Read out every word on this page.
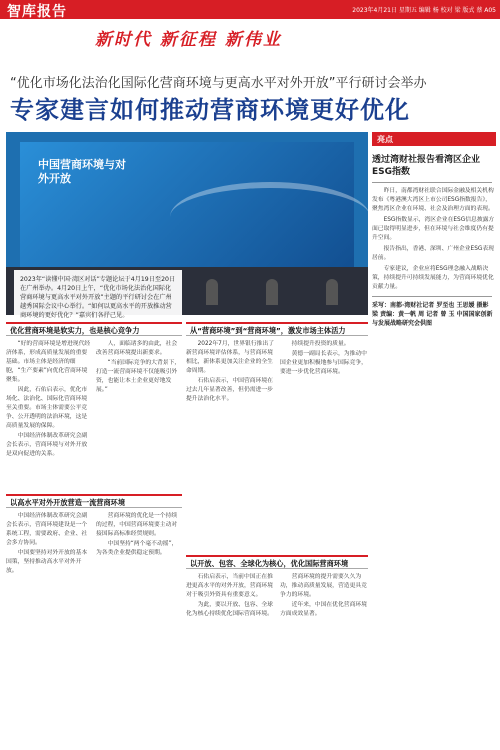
智库报告	2023年4月21日 星期五 编辑 杨 校对 梁 版式 蔡 A05
新时代 新征程 新伟业
“优化市场化法治化国际化营商环境与更高水平对外开放”平行研讨会举办
专家建言如何推动营商环境更好优化
中国营商环境与对外开放
2023年“读懂中国·湾区对话”专题论坛于4月19日至20日在广州举办。4月20日上午，“优化市场化法治化国际化营商环境与更高水平对外开放”主题的平行研讨会在广州越秀国际会议中心举行。“如何以更高水平的开放推动营商环境的更好优化？”嘉宾们各抒己见。
南都湾财社在“读懂中国”专题论坛发布湾区企业ESG指数报告。
亮点
透过湾财社报告看湾区企业ESG指数

昨日，南都湾财社联合国际金融及相关机构发布《粤港澳大湾区上市公司ESG指数报告》，聚焦湾区企业在环境、社会及治理方面的表现。

ESG指数显示，湾区企业在ESG信息披露方面已取得明显进步，但在环境与社会维度仍有提升空间。

报告指出，香港、深圳、广州企业ESG表现居前。

专家建议，企业应将ESG理念融入战略决策，持续提升可持续发展能力，为营商环境优化贡献力量。

采写：南都·湾财社记者 罗至也 王思媛 摄影 梁 责编：黄一帆 周 记者 曾 玉 中国国家创新与发展战略研究会供图

优化营商环境是软实力，也是核心竞争力	从“营商环境”到“营商环境”，激发市场主体活力
以高水平对外开放营造一流营商环境
以开放、包容、全球化为核心，优化国际营商环境

“好的营商环境是增进现代经济体系，形成高质量发展的重要基础。市场主体是经济的细胞，“生产要素”向优化营商环境聚集。

因此，石佑启表示，优化市场化、法治化、国际化营商环境至关重要。市场主体需要公平竞争、公开透明的法治环境，这是高质量发展的保障。

中国经济体制改革研究会副会长表示，营商环境与对外开放是双向促进的关系。

人，面临诸多的由此，社会改善营商环境提出新要求。

“当前国际竞争的大背景下，打造一流营商环境不仅能吸引外资，也能让本土企业更好地发展。”

2022年7月，世界银行推出了新营商环境评估体系，与营商环境相比，新体系更加关注企业的全生命周期。

石佑启表示，中国营商环境在过去几年显著改善，但仍需进一步提升法治化水平。

持续提升投资的质量。

黄德一副局长表示，为推动中国企业更加积极地参与国际竞争，要进一步优化营商环境。

中国经济体制改革研究会副会长表示，营商环境建设是一个系统工程，需要政府、企业、社会多方协同。

中国要坚持对外开放的基本国策，坚持推动高水平对外开放。

营商环境的优化是一个持续的过程，中国营商环境要主动对接国际高标准经贸规则。

中国坚持“两个毫不动摇”，为各类企业提供稳定预期。

石佑启表示，当前中国正在推进更高水平的对外开放，营商环境对于吸引外资具有重要意义。

为此，要以开放、包容、全球化为核心持续优化国际营商环境。

营商环境的提升需要久久为功，推动高质量发展，营造更具竞争力的环境。

近年来，中国在优化营商环境方面成效显著。
